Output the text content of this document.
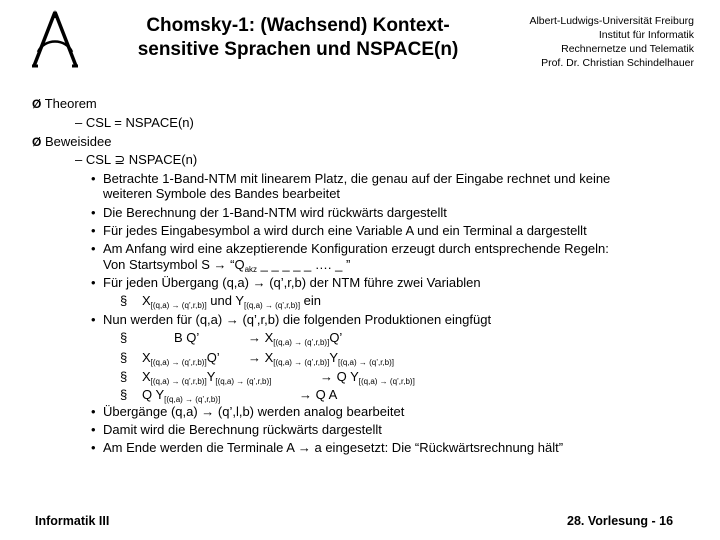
Chomsky-1: (Wachsend) Kontext-
sensitive Sprachen und NSPACE(n)
Albert-Ludwigs-Universität Freiburg
Institut für Informatik
Rechnernetze und Telematik
Prof. Dr. Christian Schindelhauer
Ø Theorem
– CSL = NSPACE(n)
Ø Beweisidee
– CSL ⊇ NSPACE(n)
• Betrachte 1-Band-NTM mit linearem Platz, die genau auf der Eingabe rechnet und keine
weiteren Symbole des Bandes bearbeitet
• Die Berechnung der 1-Band-NTM wird rückwärts dargestellt
• Für jedes Eingabesymbol a wird durch eine Variable A und ein Terminal a dargestellt
• Am Anfang wird eine akzeptierende Konfiguration erzeugt durch entsprechende Regeln:
Von Startsymbol $S \to “Q_{akz}$ _ _ _ _ _ …. _ ”
• Für jeden Übergang (q,a) → (q’,r,b) der NTM führe zwei Variablen
§ $X_{[(q,a) \to (q’,r,b)]}$ und $Y_{[(q,a) \to (q’,r,b)]}$ ein
• Nun werden für (q,a) → (q’,r,b) die folgenden Produktionen eingfügt
§	B Q’	→ $X_{[(q,a) \to (q’,r,b)]}Q$’
§ $X_{[(q,a) \to (q’,r,b)]}Q$’ → $X_{[(q,a) \to (q’,r,b)]}Y_{[(q,a) \to (q’,r,b)]}$
§ $X_{[(q,a) \to (q’,r,b)]}Y_{[(q,a) \to (q’,r,b)]}$	→ Q $Y_{[(q,a) \to (q’,r,b)]}$
§ Q $Y_{[(q,a) \to (q’,r,b)]}$	→ Q A
• Übergänge (q,a) → (q’,l,b) werden analog bearbeitet
• Damit wird die Berechnung rückwärts dargestellt
• Am Ende werden die Terminale A → a eingesetzt: Die “Rückwärtsrechnung hält”
Informatik III	28. Vorlesung - 16
